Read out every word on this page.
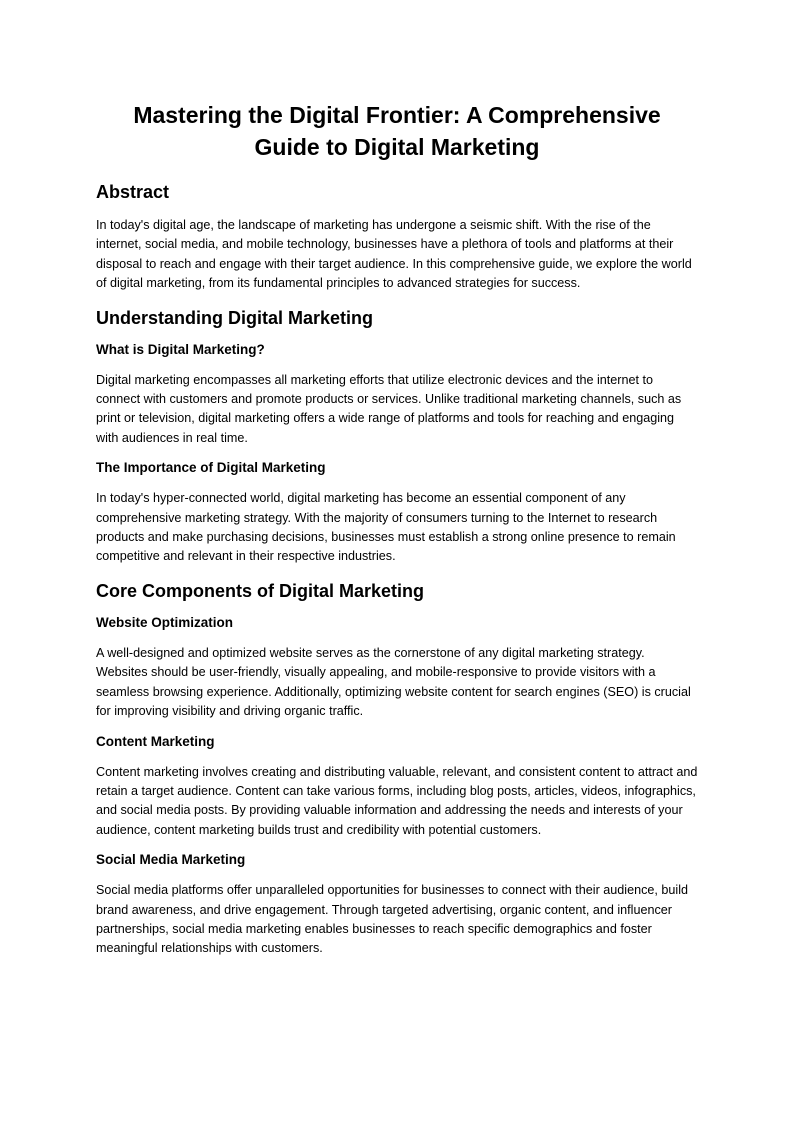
Mastering the Digital Frontier: A Comprehensive Guide to Digital Marketing
Abstract

In today's digital age, the landscape of marketing has undergone a seismic shift. With the rise of the internet, social media, and mobile technology, businesses have a plethora of tools and platforms at their disposal to reach and engage with their target audience. In this comprehensive guide, we explore the world of digital marketing, from its fundamental principles to advanced strategies for success.

Understanding Digital Marketing
What is Digital Marketing?

Digital marketing encompasses all marketing efforts that utilize electronic devices and the internet to connect with customers and promote products or services. Unlike traditional marketing channels, such as print or television, digital marketing offers a wide range of platforms and tools for reaching and engaging with audiences in real time.

The Importance of Digital Marketing

In today's hyper-connected world, digital marketing has become an essential component of any comprehensive marketing strategy. With the majority of consumers turning to the Internet to research products and make purchasing decisions, businesses must establish a strong online presence to remain competitive and relevant in their respective industries.

Core Components of Digital Marketing
Website Optimization

A well-designed and optimized website serves as the cornerstone of any digital marketing strategy. Websites should be user-friendly, visually appealing, and mobile-responsive to provide visitors with a seamless browsing experience. Additionally, optimizing website content for search engines (SEO) is crucial for improving visibility and driving organic traffic.

Content Marketing

Content marketing involves creating and distributing valuable, relevant, and consistent content to attract and retain a target audience. Content can take various forms, including blog posts, articles, videos, infographics, and social media posts. By providing valuable information and addressing the needs and interests of your audience, content marketing builds trust and credibility with potential customers.

Social Media Marketing

Social media platforms offer unparalleled opportunities for businesses to connect with their audience, build brand awareness, and drive engagement. Through targeted advertising, organic content, and influencer partnerships, social media marketing enables businesses to reach specific demographics and foster meaningful relationships with customers.
